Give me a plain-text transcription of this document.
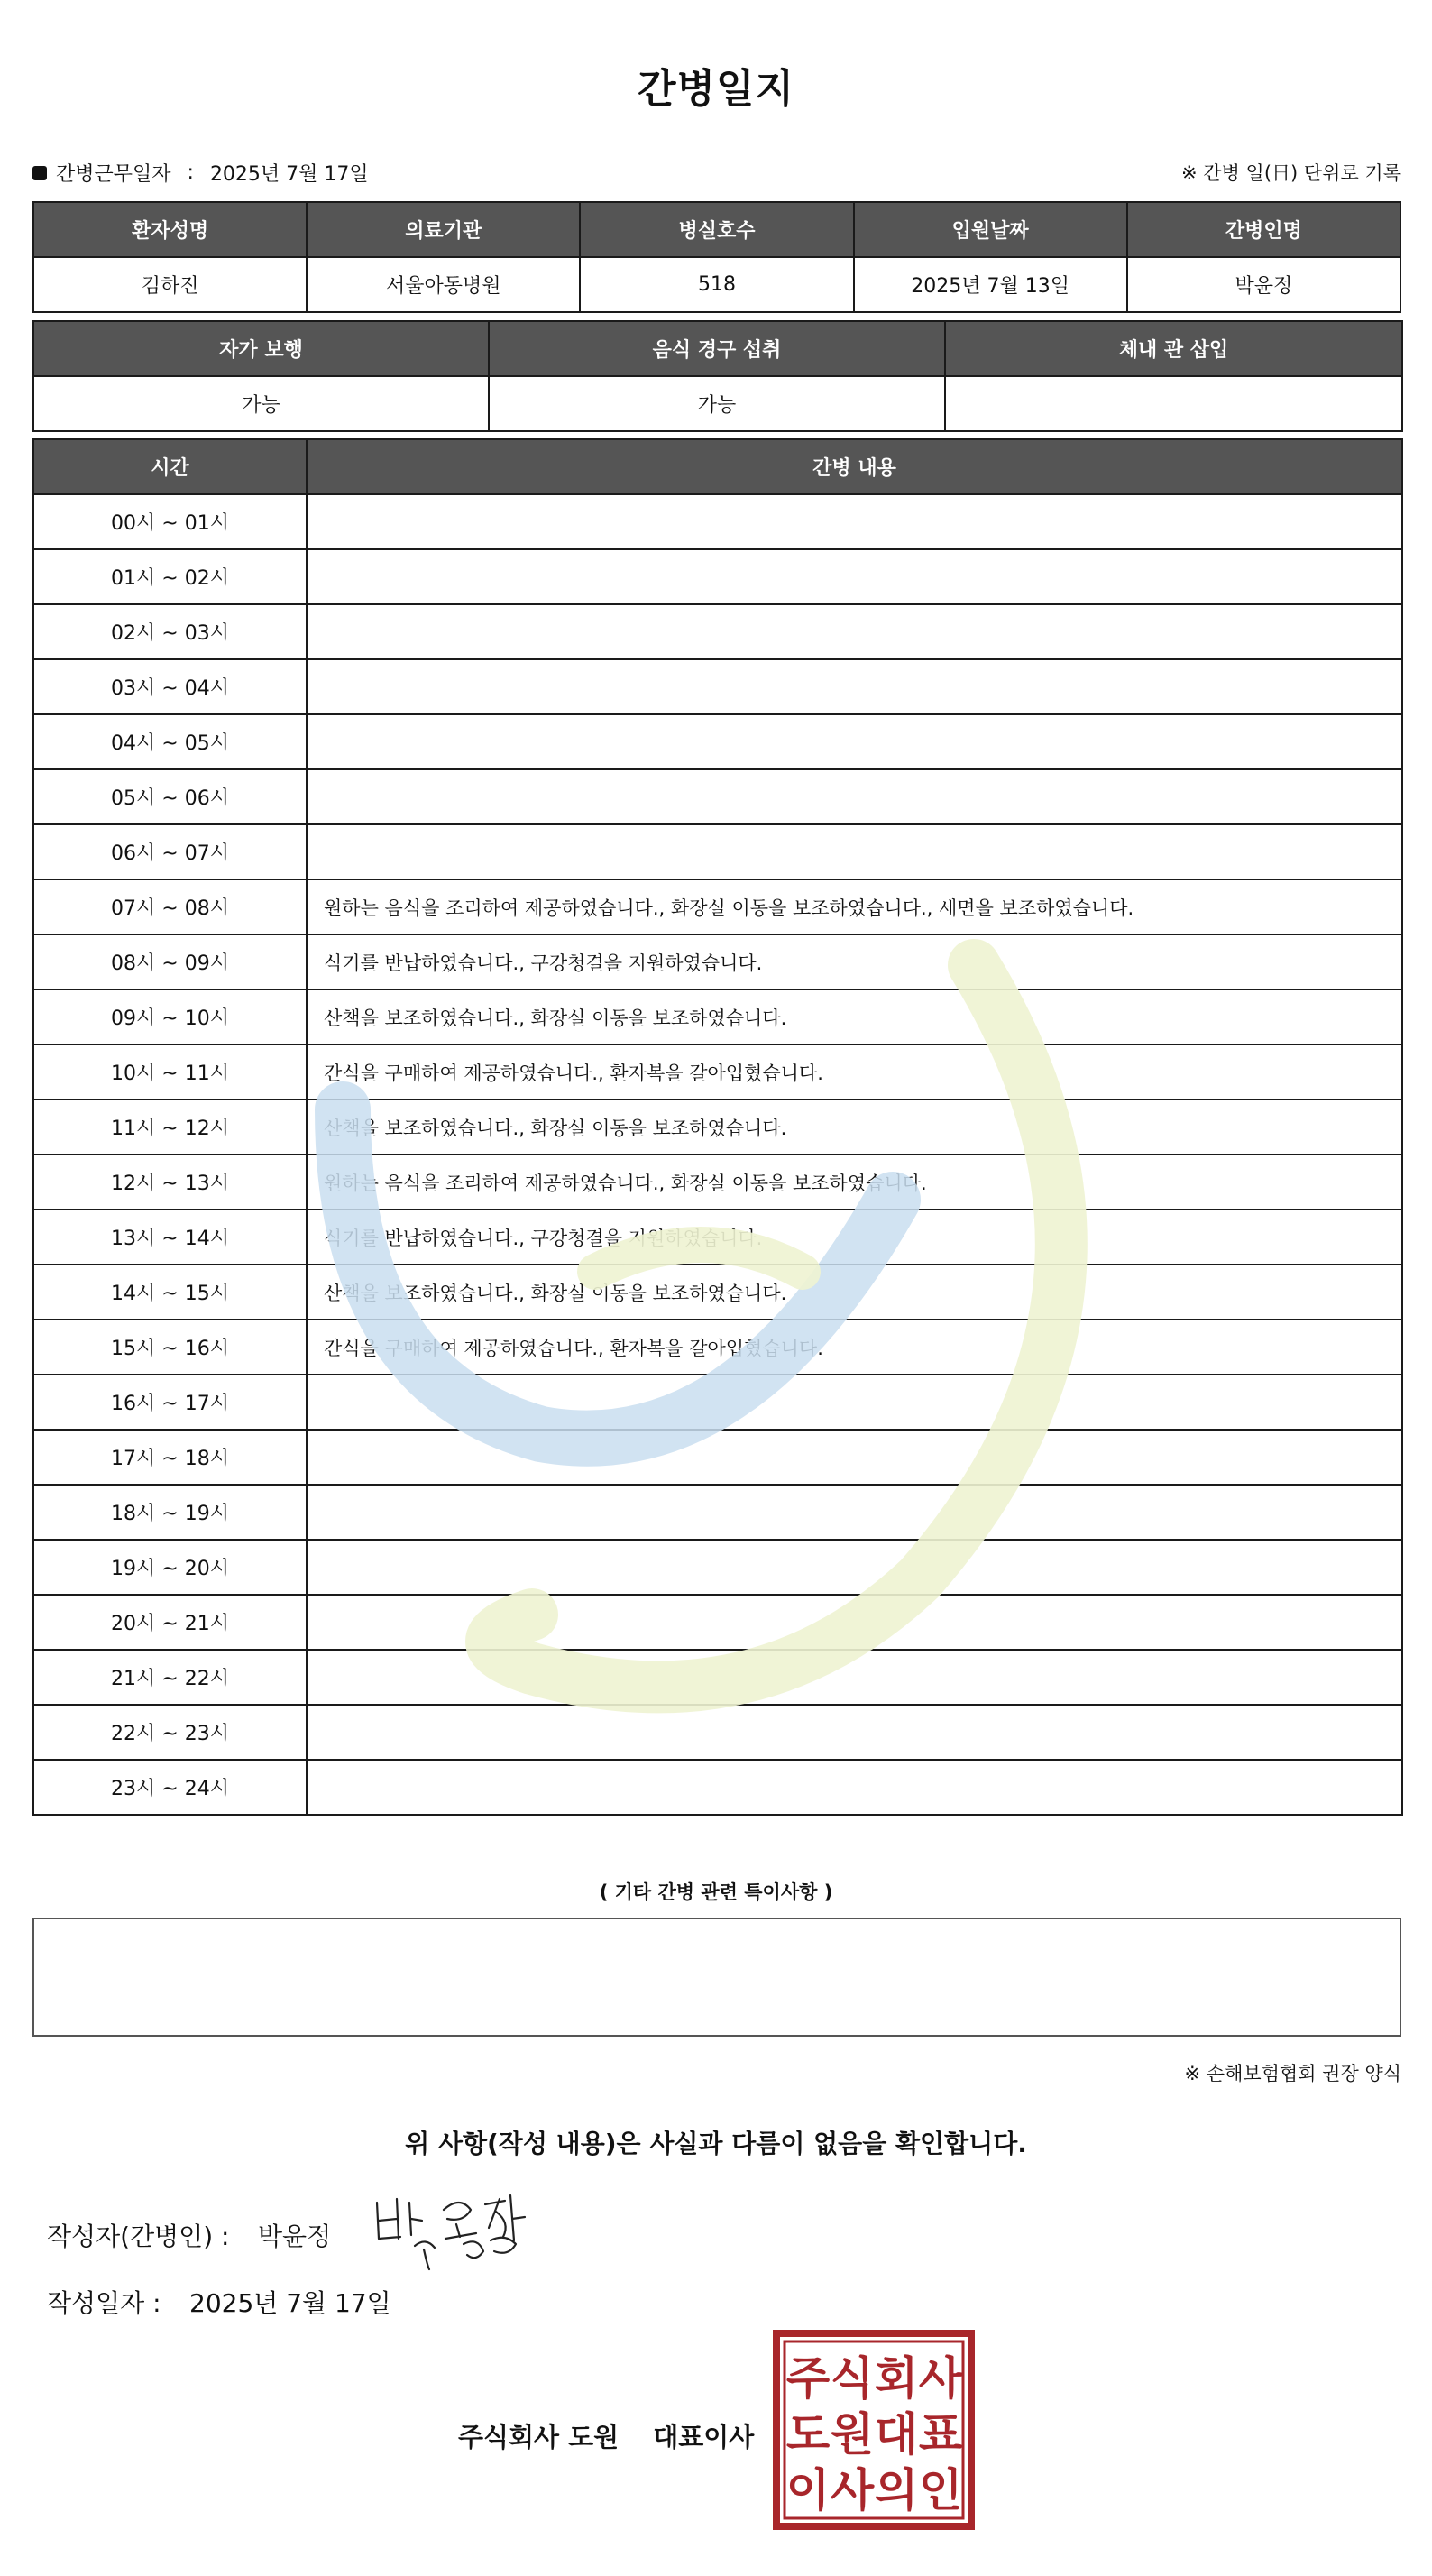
간병일지
간병근무일자 : 2025년 7월 17일	※ 간병 일(日) 단위로 기록
환자성명	의료기관	병실호수	입원날짜	간병인명
김하진	서울아동병원	518	2025년 7월 13일	박윤정
자가 보행	음식 경구 섭취	체내 관 삽입
가능	가능	
시간	간병 내용
00시 ~ 01시	
01시 ~ 02시	
02시 ~ 03시	
03시 ~ 04시	
04시 ~ 05시	
05시 ~ 06시	
06시 ~ 07시	
07시 ~ 08시	원하는 음식을 조리하여 제공하였습니다., 화장실 이동을 보조하였습니다., 세면을 보조하였습니다.
08시 ~ 09시	식기를 반납하였습니다., 구강청결을 지원하였습니다.
09시 ~ 10시	산책을 보조하였습니다., 화장실 이동을 보조하였습니다.
10시 ~ 11시	간식을 구매하여 제공하였습니다., 환자복을 갈아입혔습니다.
11시 ~ 12시	산책을 보조하였습니다., 화장실 이동을 보조하였습니다.
12시 ~ 13시	원하는 음식을 조리하여 제공하였습니다., 화장실 이동을 보조하였습니다.
13시 ~ 14시	식기를 반납하였습니다., 구강청결을 지원하였습니다.
14시 ~ 15시	산책을 보조하였습니다., 화장실 이동을 보조하였습니다.
15시 ~ 16시	간식을 구매하여 제공하였습니다., 환자복을 갈아입혔습니다.
16시 ~ 17시	
17시 ~ 18시	
18시 ~ 19시	
19시 ~ 20시	
20시 ~ 21시	
21시 ~ 22시	
22시 ~ 23시	
23시 ~ 24시	
( 기타 간병 관련 특이사항 )
※ 손해보험협회 권장 양식
위 사항(작성 내용)은 사실과 다름이 없음을 확인합니다.
작성자(간병인) :	박윤정
작성일자 :	2025년 7월 17일
주식회사 도원 대표이사
주 식 회 사
도 원 대 표
이 사 의 인
